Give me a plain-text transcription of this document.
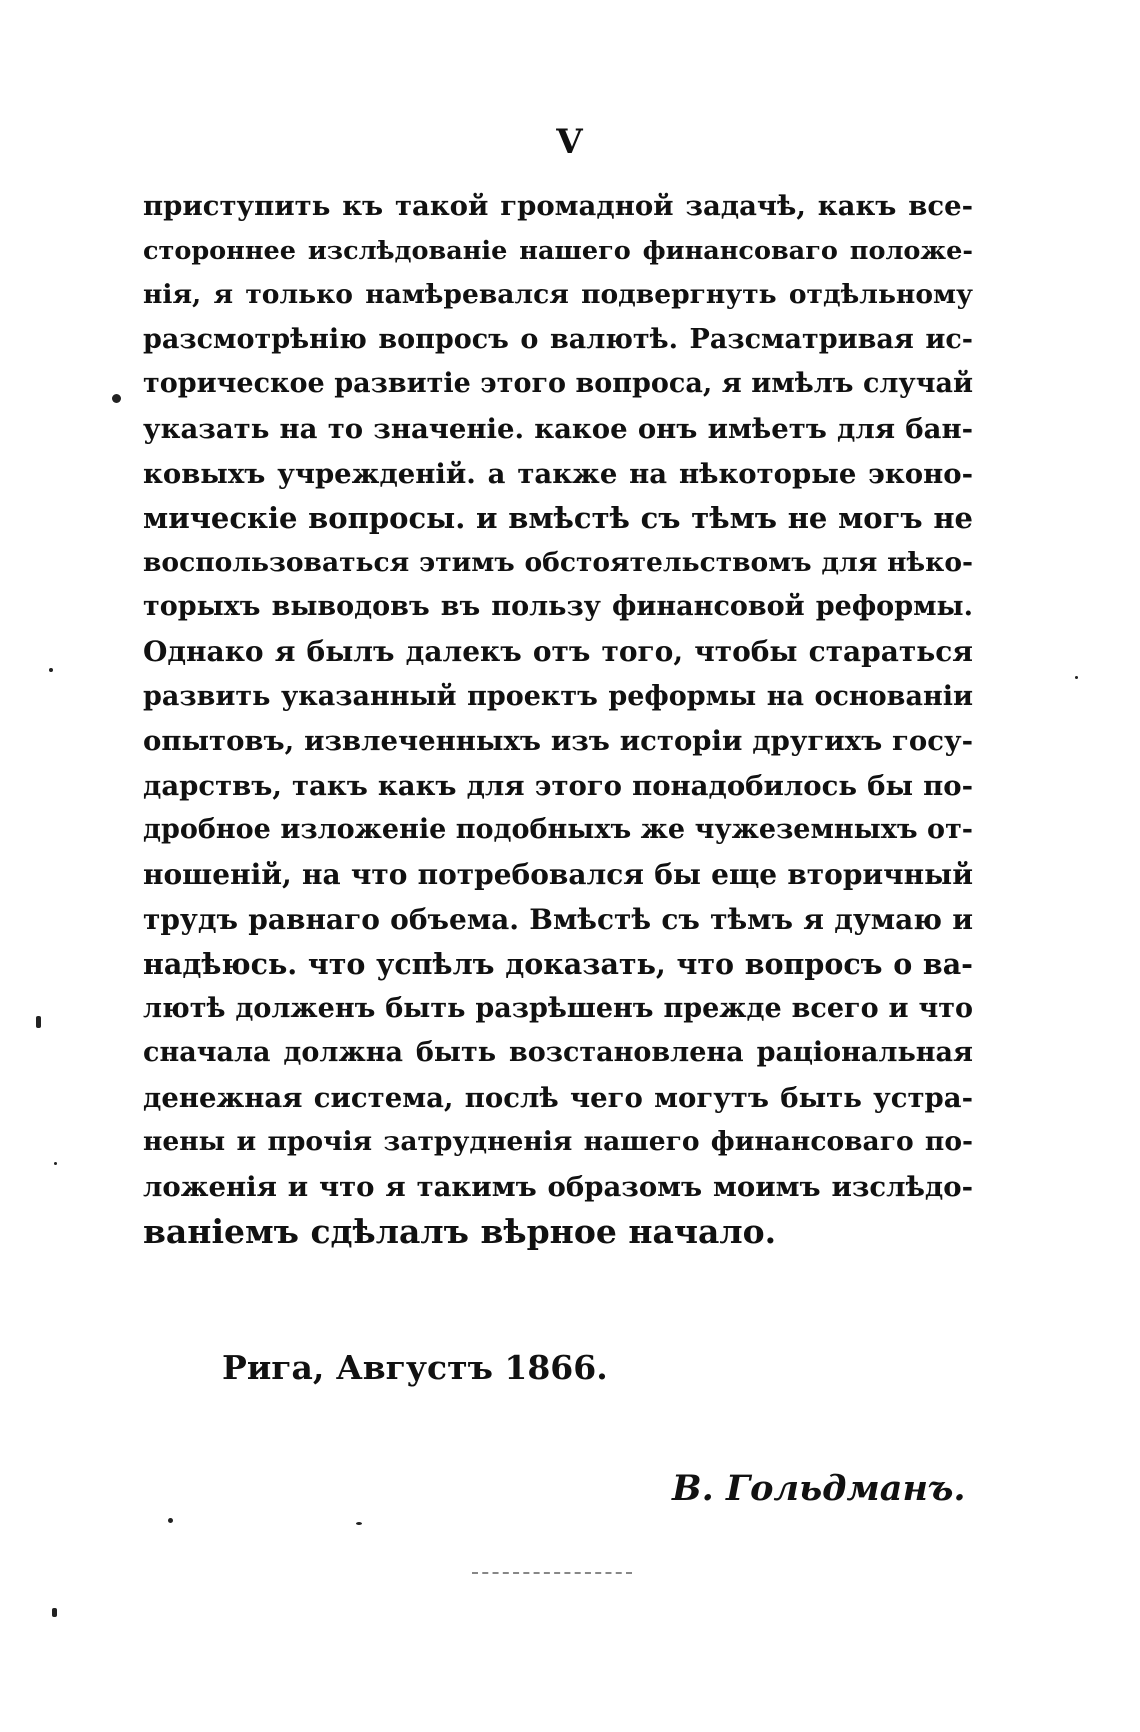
V
приступить къ такой громадной задачѣ, какъ все-
стороннее изслѣдованіе нашего финансоваго положе-
нія, я только намѣревался подвергнуть отдѣльному
разсмотрѣнію вопросъ о валютѣ. Разсматривая ис-
торическое развитіе этого вопроса, я имѣлъ случай
указать на то значеніе. какое онъ имѣетъ для бан-
ковыхъ учрежденій. а также на нѣкоторые эконо-
мическіе вопросы. и вмѣстѣ съ тѣмъ не могъ не
воспользоваться этимъ обстоятельствомъ для нѣко-
торыхъ выводовъ въ пользу финансовой реформы.
Однако я былъ далекъ отъ того, чтобы стараться
развить указанный проектъ реформы на основаніи
опытовъ, извлеченныхъ изъ исторіи другихъ госу-
дарствъ, такъ какъ для этого понадобилось бы по-
дробное изложеніе подобныхъ же чужеземныхъ от-
ношеній, на что потребовался бы еще вторичный
трудъ равнаго объема. Вмѣстѣ съ тѣмъ я думаю и
надѣюсь. что успѣлъ доказать, что вопросъ о ва-
лютѣ долженъ быть разрѣшенъ прежде всего и что
сначала должна быть возстановлена раціональная
денежная система, послѣ чего могутъ быть устра-
нены и прочія затрудненія нашего финансоваго по-
ложенія и что я такимъ образомъ моимъ изслѣдо-
ваніемъ сдѣлалъ вѣрное начало.
Рига, Августъ 1866.
В. Гольдманъ.
